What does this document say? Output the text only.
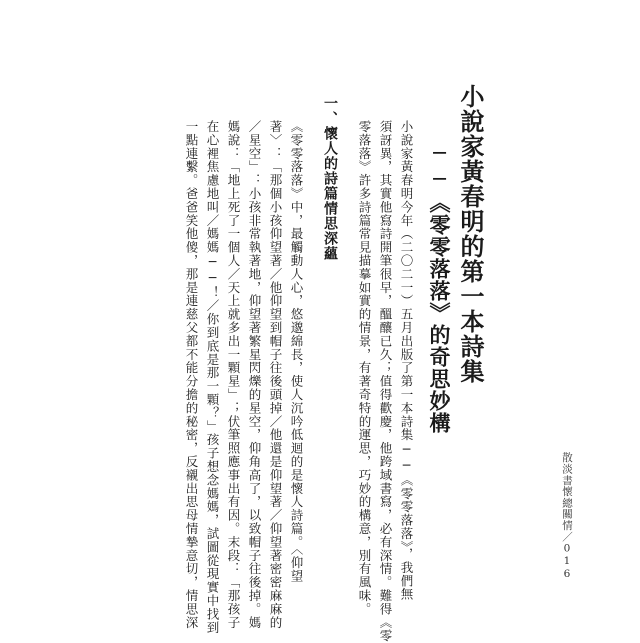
小說家黃春明的第一本詩集
──《零零落落》的奇思妙構

小說家黃春明今年（二〇二一）五月出版了第一本詩集──《零零落落》，我們無

須訝異，其實他寫詩開筆很早，醞釀已久；值得歡慶，他跨域書寫，必有深情。難得《零

零落落》許多詩篇常見描摹如實的情景，有著奇特的運思，巧妙的構意，別有風味。

一、懷人的詩篇情思深蘊

《零零落落》中，最觸動人心，悠邈綿長，使人沉吟低迴的是懷人詩篇。〈仰望

著〉：「那個小孩仰望著／他仰望到帽子往後頭掉／他還是仰望著／仰望著密密麻麻的

／星空」：小孩非常執著地，仰望著繁星閃爍的星空，仰角高了，以致帽子往後掉。媽

媽說：「地上死了一個人／天上就多出一顆星」；伏筆照應事出有因。末段：「那孩子

在心裡焦慮地叫／媽媽──！／你到底是那一顆？」孩子想念媽媽，試圖從現實中找到

一點連繫。爸爸笑他傻，那是連慈父都不能分擔的秘密，反襯出思母情摯意切，情思深	散淡書懷總關情／016
